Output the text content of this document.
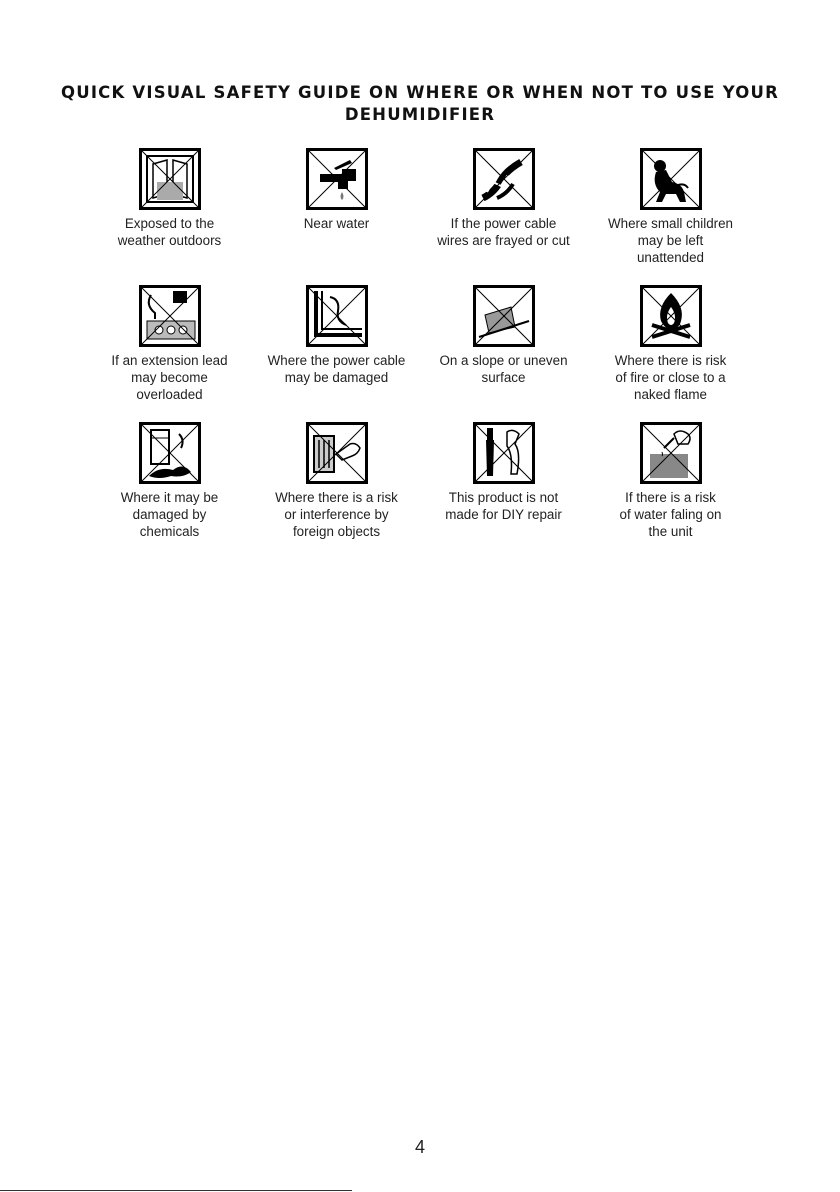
QUICK VISUAL SAFETY GUIDE ON WHERE OR WHEN NOT TO USE YOUR
DEHUMIDIFIER
Exposed to the
weather outdoors
Near water	If the power cable
wires are frayed or cut
Where small children
may be left
unattended
If an extension lead
may become
overloaded
Where the power cable
may be damaged
On a slope or uneven
surface
Where there is risk
of fire or close to a
naked flame
Where it may be
damaged by
chemicals
Where there is a risk
or interference by
foreign objects
This product is not
made for DIY repair
If there is a risk
of water faling on
the unit
4
